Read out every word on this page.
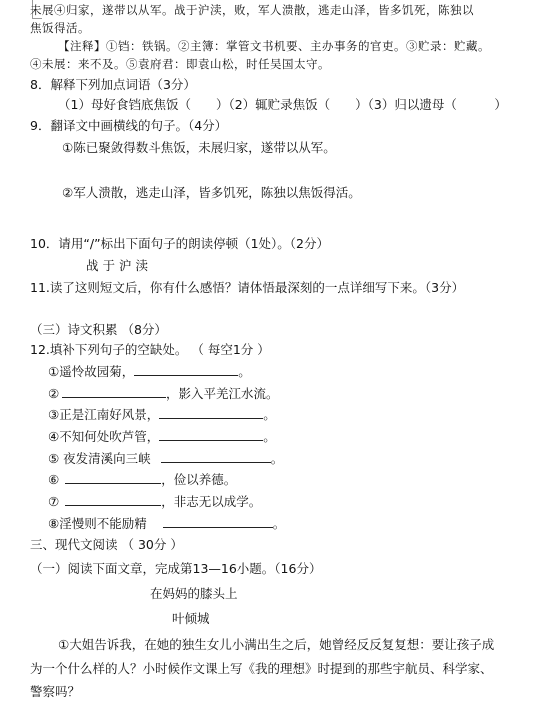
未展④归家，遂带以从军。战于沪渎，败，军人溃散，逃走山泽，皆多饥死，陈独以
焦饭得活。
【注释】①铛：铁锅。②主簿：掌管文书机要、主办事务的官吏。③贮录：贮藏。
④未展：来不及。⑤袁府君：即袁山松，时任吴国太守。
8．解释下列加点词语（3分）
（1）母好食铛底焦饭（　　）（2）辄贮录焦饭（　　）（3）归以遗母（　　　）
9．翻译文中画横线的句子。（4分）
①陈已聚敛得数斗焦饭，未展归家，遂带以从军。
②军人溃散，逃走山泽，皆多饥死，陈独以焦饭得活。
10．请用“/”标出下面句子的朗读停顿（1处）。（2分）
战 于 沪 渎
11.读了这则短文后，你有什么感悟？请体悟最深刻的一点详细写下来。（3分）
（三）诗文积累 （8分）
12.填补下列句子的空缺处。 （ 每空1分 ）
①遥怜故园菊，	。
②	，影入平羌江水流。
③正是江南好风景，	。
④不知何处吹芦管，	。
⑤ 夜发清溪向三峡	。
⑥	，俭以养德。
⑦	，非志无以成学。
⑧淫慢则不能励精	。
三、现代文阅读 （ 30分 ）
（一）阅读下面文章，完成第13—16小题。（16分）
在妈妈的膝头上
叶倾城
①大姐告诉我，在她的独生女儿小满出生之后，她曾经反反复复想：要让孩子成
为一个什么样的人？小时候作文课上写《我的理想》时提到的那些宇航员、科学家、
警察吗？
